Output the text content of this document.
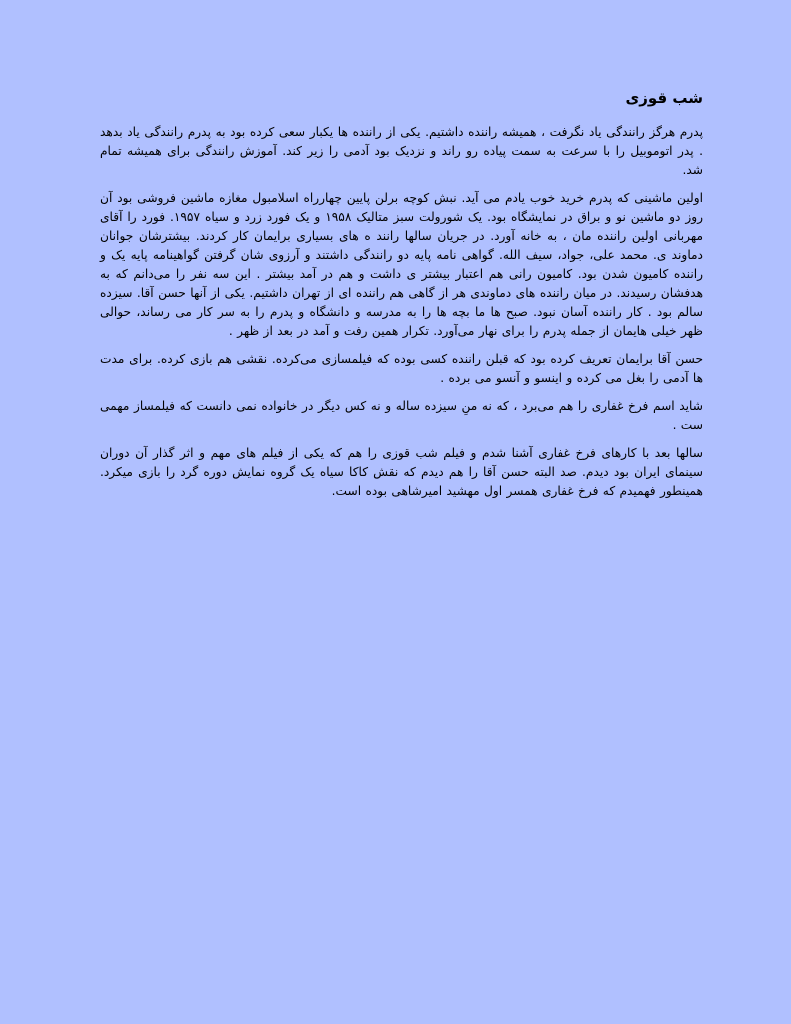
شب قوزی

پدرم هرگز رانندگی یاد نگرفت ، همیشه راننده داشتیم. یکی از راننده ها یکبار سعی کرده بود به پدرم رانندگی یاد بدهد . پدر اتوموبیل را با سرعت به سمت پیاده رو راند و نزدیک بود آدمی را زیر کند. آموزش رانندگی برای همیشه تمام شد.

اولین ماشینی که پدرم خرید خوب یادم می آید. نبش کوچه برلن پایین چهارراه اسلامبول مغازه ماشین فروشی بود آن روز دو ماشین نو و براق در نمایشگاه بود. یک شورولت سبز متالیک ۱۹۵۸ و یک فورد زرد و سیاه ۱۹۵۷. فورد را آقای مهربانی اولین راننده مان ، به خانه آورد. در جریان سالها رانند ه های بسیاری برایمان کار کردند. بیشترشان جوانان دماوند ی. محمد علی، جواد، سیف الله. گواهی نامه پایه دو رانندگی داشتند و آرزوی شان گرفتن گواهینامه پایه یک و راننده کامیون شدن بود. کامیون رانی هم اعتبار بیشتر ی داشت و هم در آمد بیشتر . این سه نفر را می‌دانم که به هدفشان رسیدند. در میان راننده های دماوندی هر از گاهی هم راننده ای از تهران داشتیم. یکی از آنها حسن آقا. سیزده سالم بود . کار راننده آسان نبود. صبح ها ما بچه ها را به مدرسه و دانشگاه و پدرم را به سر کار می رساند، حوالی ظهر خیلی هایمان از جمله پدرم را برای نهار می‌آورد. تکرار همین رفت و آمد در بعد از ظهر .

حسن آقا برایمان تعریف کرده بود که قبلن راننده کسی بوده که فیلمسازی می‌کرده. نقشی هم بازی کرده. برای مدت ها آدمی را بغل می کرده و اینسو و آنسو می برده .

شاید اسم فرخ غفاری را هم می‌برد ، که نه منِ سیزده ساله و نه کس دیگر در خانواده نمی دانست که فیلمساز مهمی ست .

سالها بعد با کارهای فرخ غفاری آشنا شدم و فیلم شب قوزی را هم که یکی از فیلم های مهم و اثر گذار آن دوران سینمای ایران بود دیدم. صد البته حسن آقا را هم دیدم که نقش کاکا سیاه یک گروه نمایش دوره گرد را بازی میکرد. همینطور فهمیدم که فرخ غفاری همسر اول مهشید امیرشاهی بوده است.
